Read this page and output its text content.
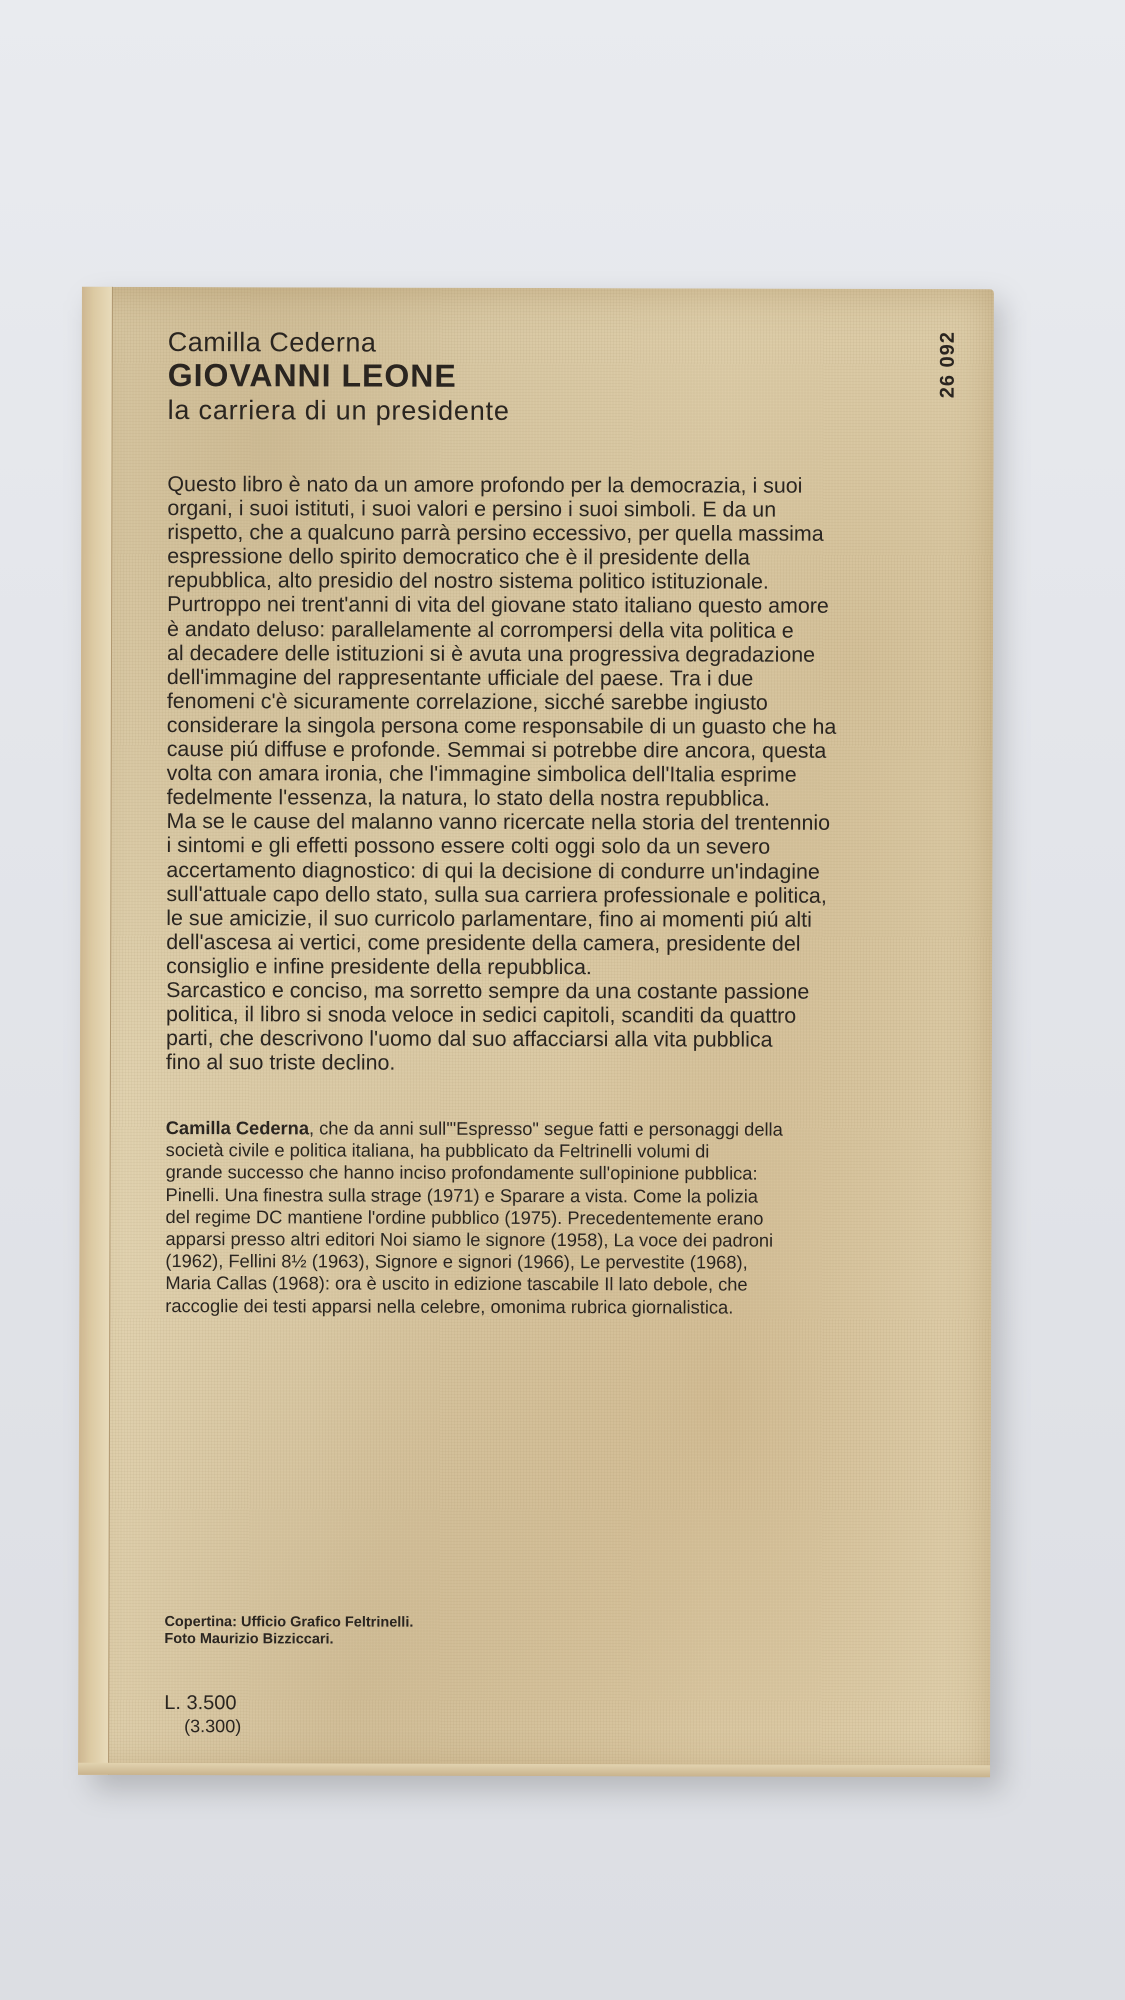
Camilla Cederna
GIOVANNI LEONE
la carriera di un presidente
26 092

Questo libro è nato da un amore profondo per la democrazia, i suoi

organi, i suoi istituti, i suoi valori e persino i suoi simboli. E da un

rispetto, che a qualcuno parrà persino eccessivo, per quella massima

espressione dello spirito democratico che è il presidente della

repubblica, alto presidio del nostro sistema politico istituzionale.

Purtroppo nei trent'anni di vita del giovane stato italiano questo amore

è andato deluso: parallelamente al corrompersi della vita politica e

al decadere delle istituzioni si è avuta una progressiva degradazione

dell'immagine del rappresentante ufficiale del paese. Tra i due

fenomeni c'è sicuramente correlazione, sicché sarebbe ingiusto

considerare la singola persona come responsabile di un guasto che ha

cause piú diffuse e profonde. Semmai si potrebbe dire ancora, questa

volta con amara ironia, che l'immagine simbolica dell'Italia esprime

fedelmente l'essenza, la natura, lo stato della nostra repubblica.

Ma se le cause del malanno vanno ricercate nella storia del trentennio

i sintomi e gli effetti possono essere colti oggi solo da un severo

accertamento diagnostico: di qui la decisione di condurre un'indagine

sull'attuale capo dello stato, sulla sua carriera professionale e politica,

le sue amicizie, il suo curricolo parlamentare, fino ai momenti piú alti

dell'ascesa ai vertici, come presidente della camera, presidente del

consiglio e infine presidente della repubblica.

Sarcastico e conciso, ma sorretto sempre da una costante passione

politica, il libro si snoda veloce in sedici capitoli, scanditi da quattro

parti, che descrivono l'uomo dal suo affacciarsi alla vita pubblica

fino al suo triste declino.

Camilla Cederna, che da anni sull'"Espresso" segue fatti e personaggi della

società civile e politica italiana, ha pubblicato da Feltrinelli volumi di

grande successo che hanno inciso profondamente sull'opinione pubblica:

Pinelli. Una finestra sulla strage (1971) e Sparare a vista. Come la polizia

del regime DC mantiene l'ordine pubblico (1975). Precedentemente erano

apparsi presso altri editori Noi siamo le signore (1958), La voce dei padroni

(1962), Fellini 8½ (1963), Signore e signori (1966), Le pervestite (1968),

Maria Callas (1968): ora è uscito in edizione tascabile Il lato debole, che

raccoglie dei testi apparsi nella celebre, omonima rubrica giornalistica.

Copertina: Ufficio Grafico Feltrinelli.
Foto Maurizio Bizziccari.
L. 3.500
(3.300)
